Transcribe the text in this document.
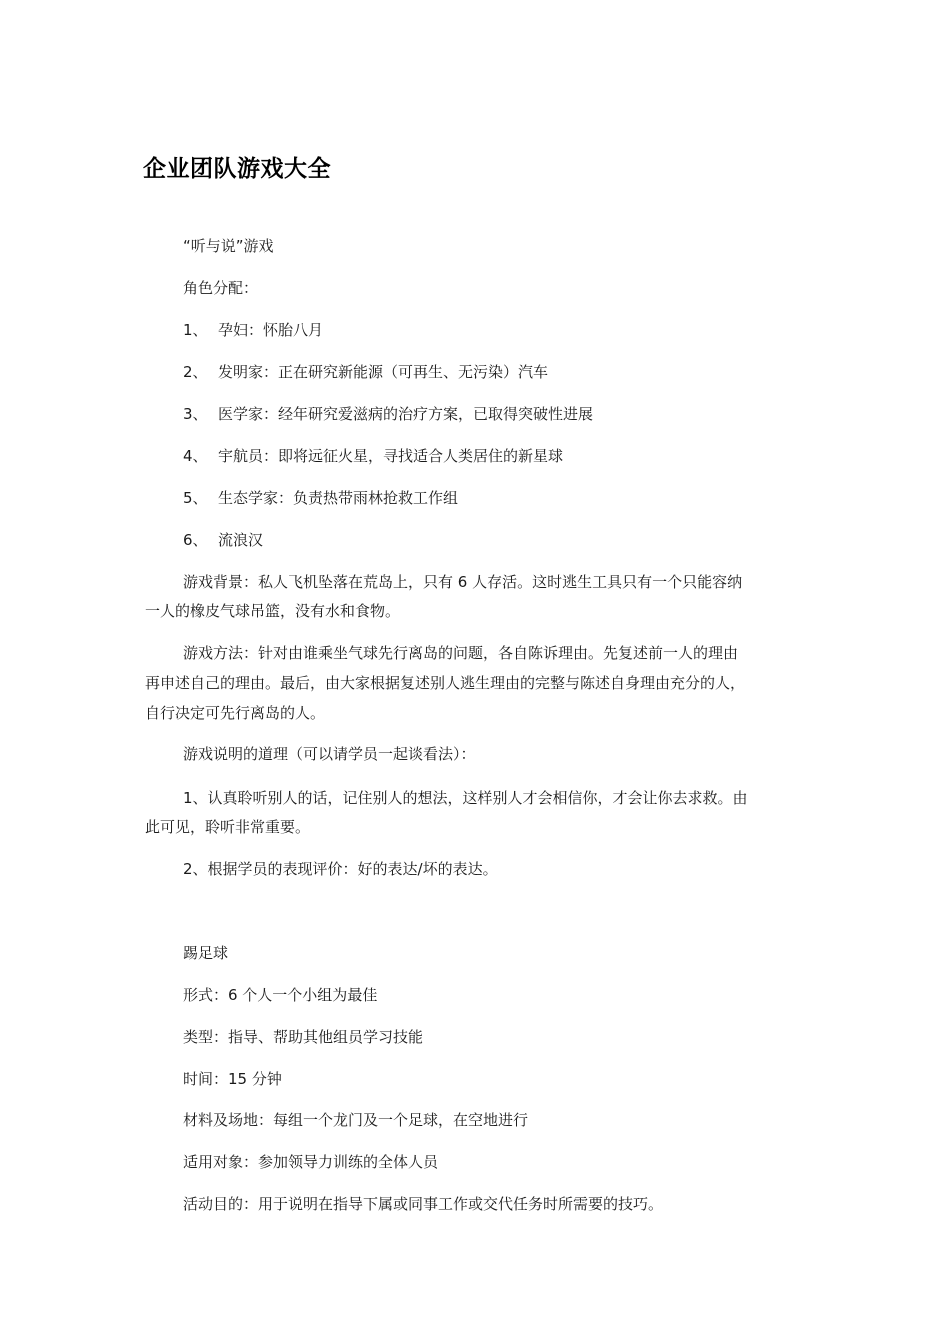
企业团队游戏大全
“听与说”游戏
角色分配：
1、 孕妇：怀胎八月
2、 发明家：正在研究新能源（可再生、无污染）汽车
3、 医学家：经年研究爱滋病的治疗方案，已取得突破性进展
4、 宇航员：即将远征火星，寻找适合人类居住的新星球
5、 生态学家：负责热带雨林抢救工作组
6、 流浪汉
游戏背景：私人飞机坠落在荒岛上，只有 6 人存活。这时逃生工具只有一个只能容纳
一人的橡皮气球吊篮，没有水和食物。
游戏方法：针对由谁乘坐气球先行离岛的问题，各自陈诉理由。先复述前一人的理由
再申述自己的理由。最后，由大家根据复述别人逃生理由的完整与陈述自身理由充分的人，
自行决定可先行离岛的人。
游戏说明的道理（可以请学员一起谈看法）：
1、认真聆听别人的话，记住别人的想法，这样别人才会相信你，才会让你去求救。由
此可见，聆听非常重要。
2、根据学员的表现评价：好的表达/坏的表达。
踢足球
形式：6 个人一个小组为最佳
类型：指导、帮助其他组员学习技能
时间：15 分钟
材料及场地：每组一个龙门及一个足球，在空地进行
适用对象：参加领导力训练的全体人员
活动目的：用于说明在指导下属或同事工作或交代任务时所需要的技巧。
